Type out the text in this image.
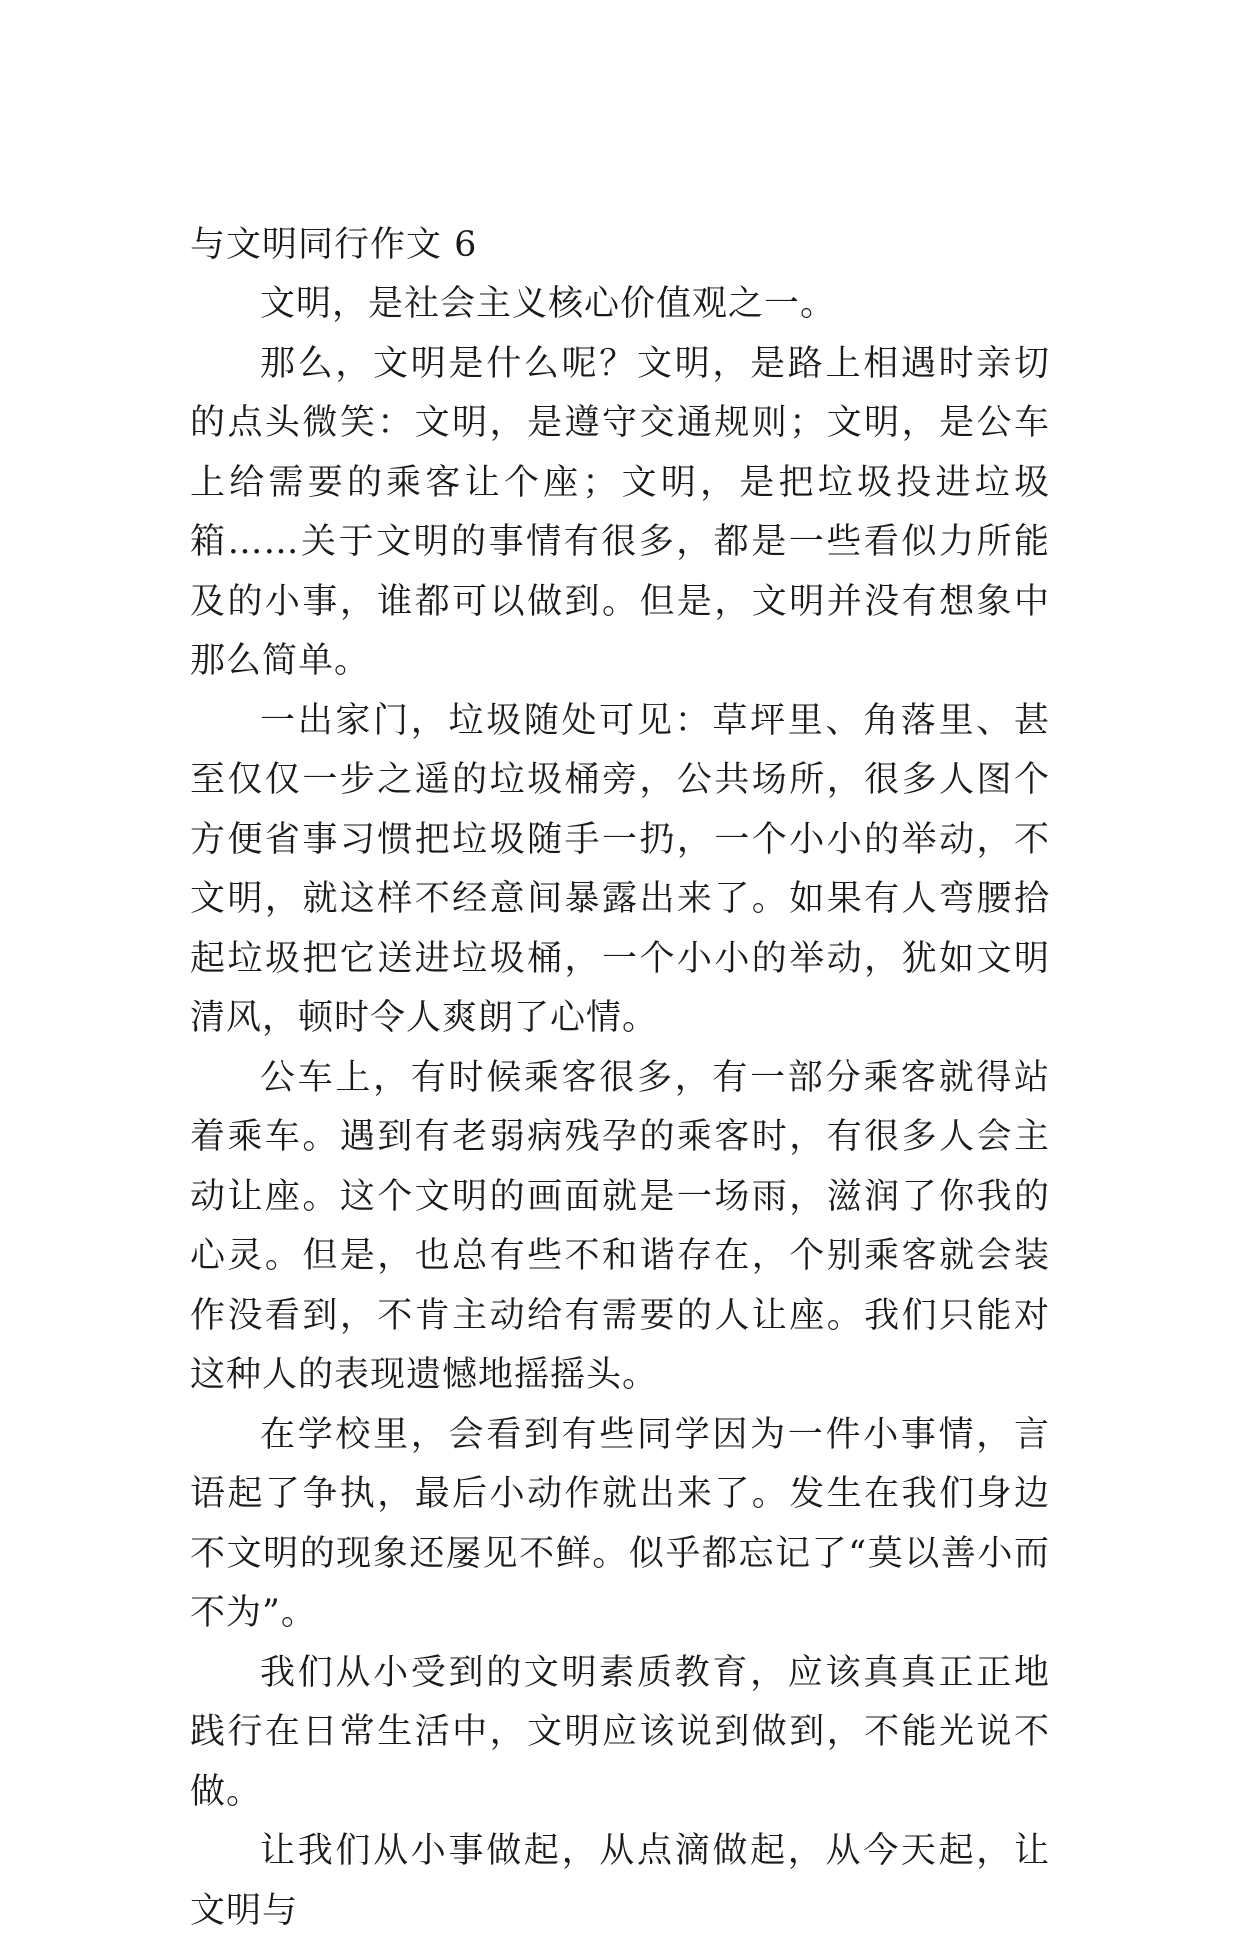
与文明同行作文 6

文明，是社会主义核心价值观之一。

那么，文明是什么呢？文明，是路上相遇时亲切的点头微笑：文明，是遵守交通规则；文明，是公车上给需要的乘客让个座；文明，是把垃圾投进垃圾箱……关于文明的事情有很多，都是一些看似力所能及的小事，谁都可以做到。但是，文明并没有想象中那么简单。

一出家门，垃圾随处可见：草坪里、角落里、甚至仅仅一步之遥的垃圾桶旁，公共场所，很多人图个方便省事习惯把垃圾随手一扔，一个小小的举动，不文明，就这样不经意间暴露出来了。如果有人弯腰拾起垃圾把它送进垃圾桶，一个小小的举动，犹如文明清风，顿时令人爽朗了心情。

公车上，有时候乘客很多，有一部分乘客就得站着乘车。遇到有老弱病残孕的乘客时，有很多人会主动让座。这个文明的画面就是一场雨，滋润了你我的心灵。但是，也总有些不和谐存在，个别乘客就会装作没看到，不肯主动给有需要的人让座。我们只能对这种人的表现遗憾地摇摇头。

在学校里，会看到有些同学因为一件小事情，言语起了争执，最后小动作就出来了。发生在我们身边不文明的现象还屡见不鲜。似乎都忘记了“莫以善小而不为”。

我们从小受到的文明素质教育，应该真真正正地践行在日常生活中，文明应该说到做到，不能光说不做。

让我们从小事做起，从点滴做起，从今天起，让文明与
